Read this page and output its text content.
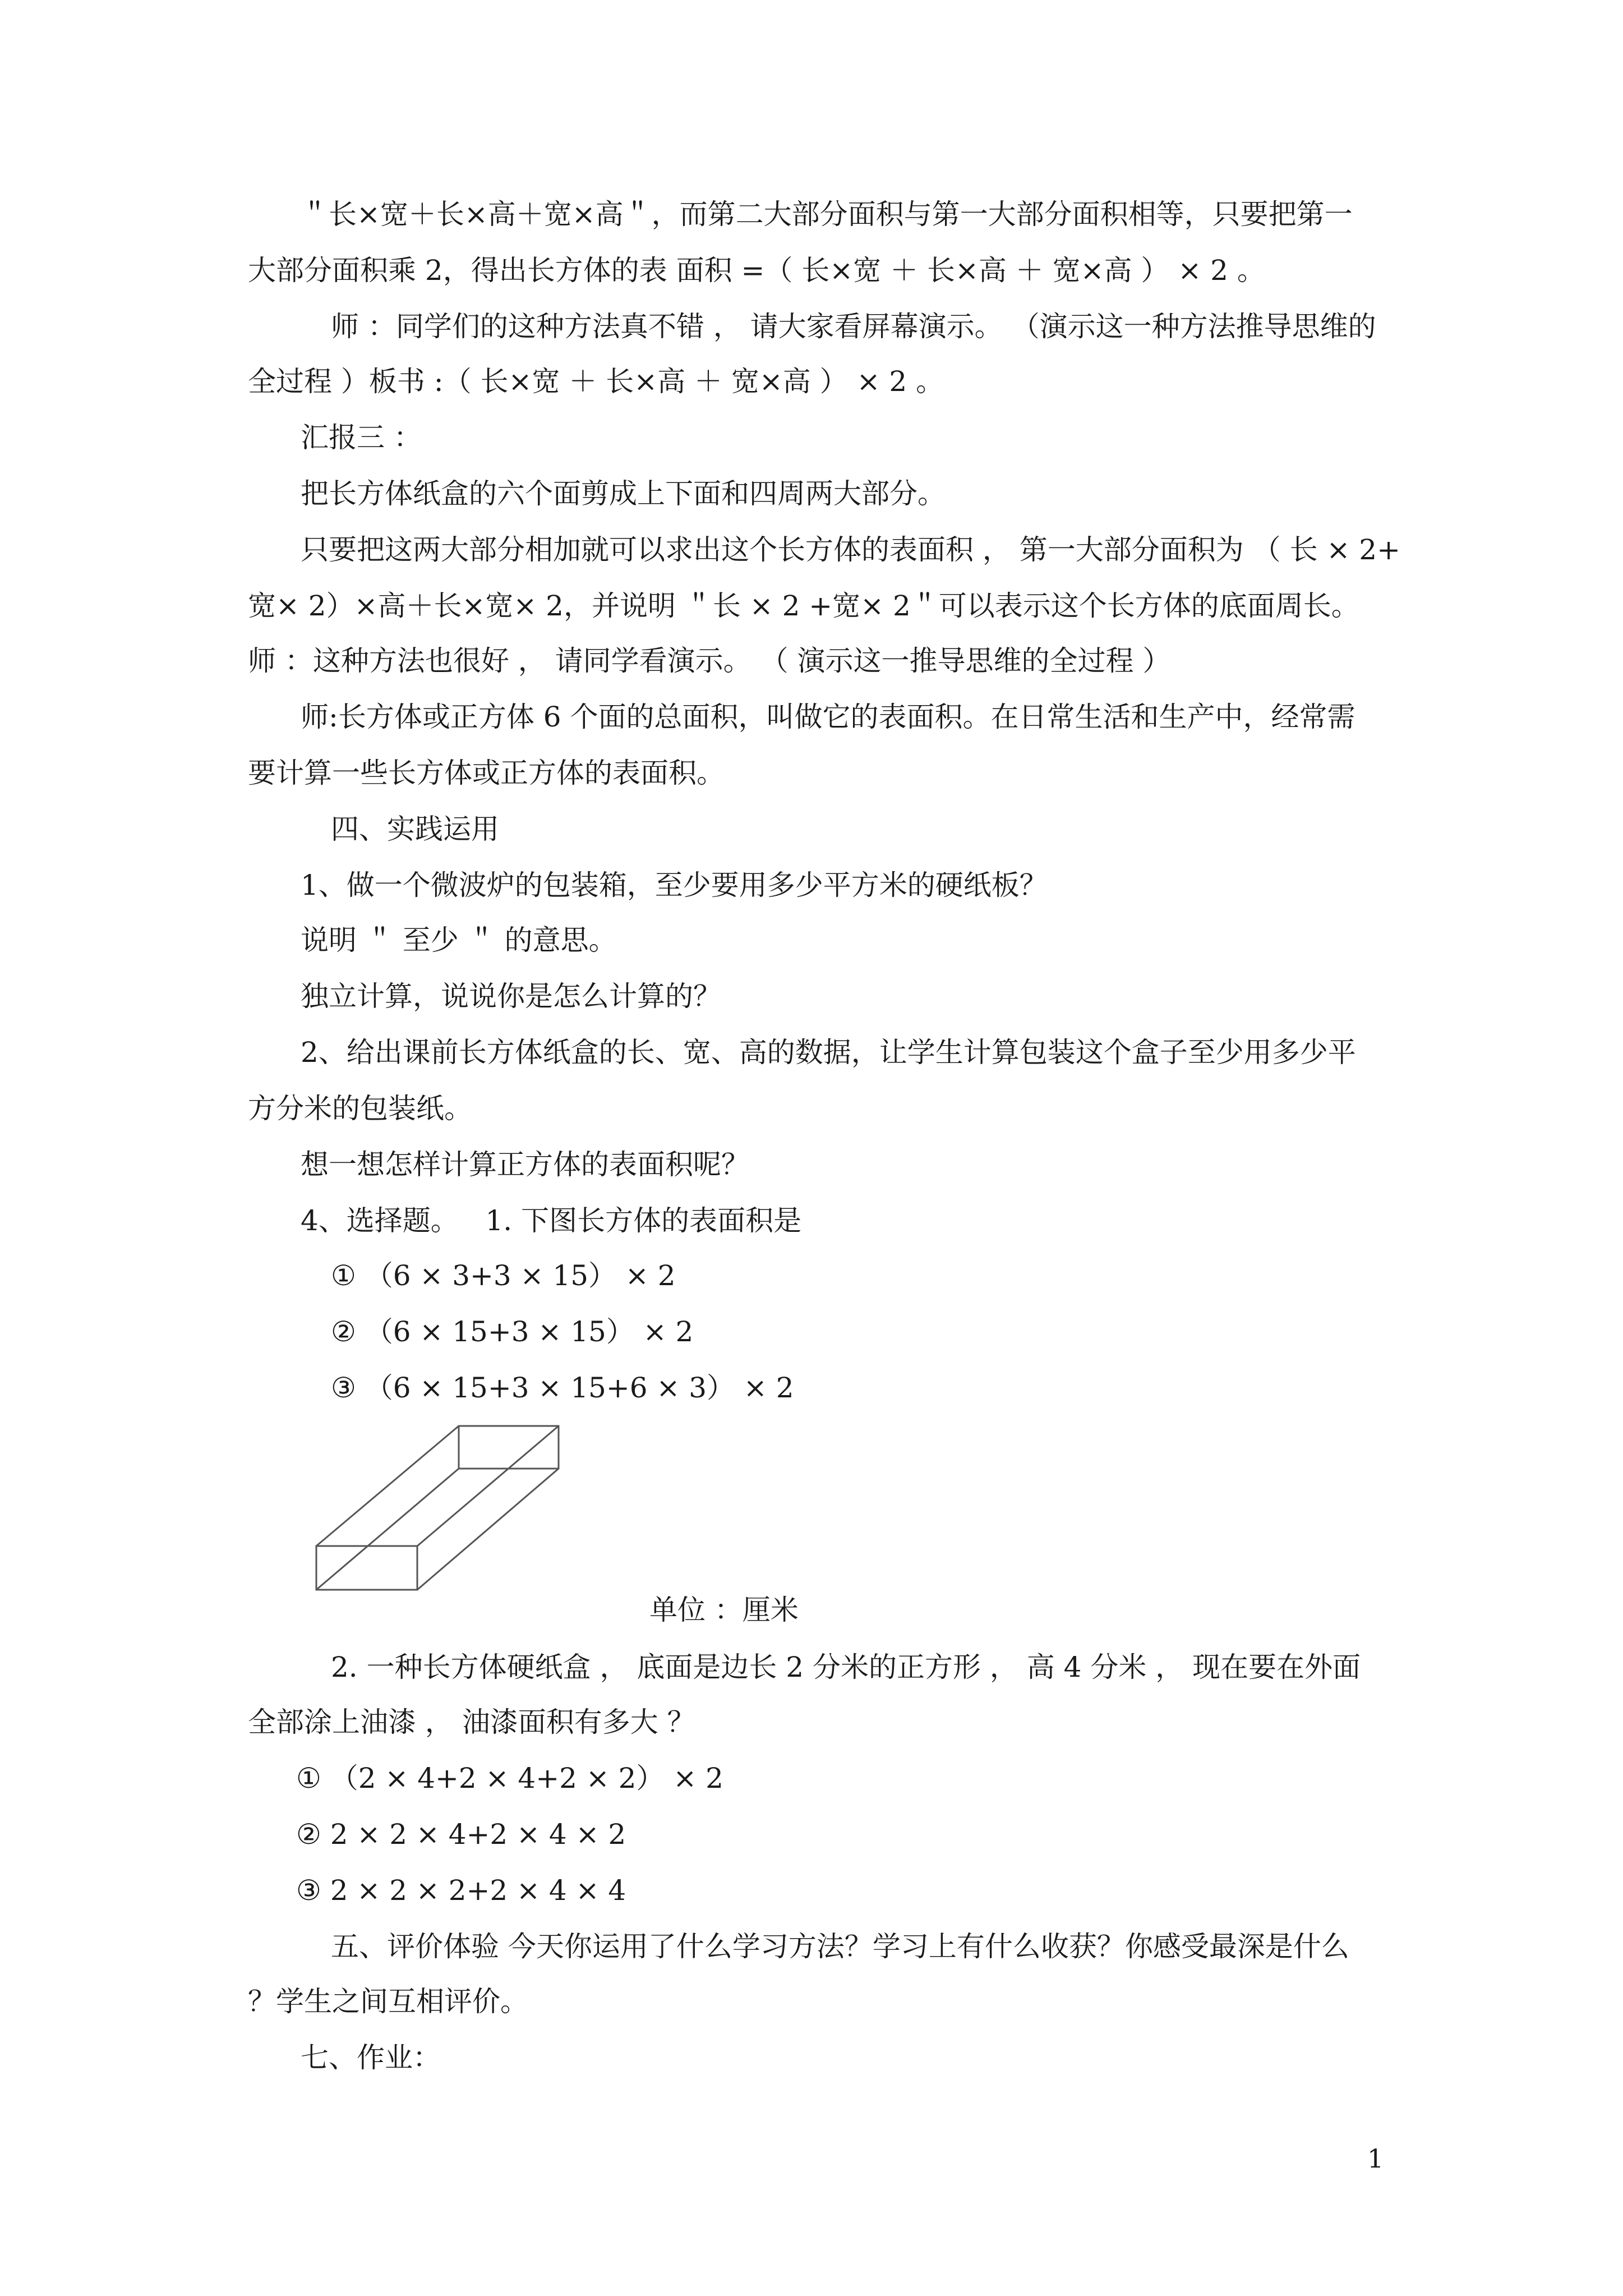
＂长×宽＋长×高＋宽×高＂，而第二大部分面积与第一大部分面积相等，只要把第一
大部分面积乘 2，得出长方体的表 面积 =（ 长×宽 ＋ 长×高 ＋ 宽×高 ） × 2 。
师 ：同学们的这种方法真不错 ， 请大家看屏幕演示。 （演示这一种方法推导思维的
全过程 ）板书 :（ 长×宽 ＋ 长×高 ＋ 宽×高 ） × 2 。
汇报三 ：
把长方体纸盒的六个面剪成上下面和四周两大部分。
只要把这两大部分相加就可以求出这个长方体的表面积 ， 第一大部分面积为 （ 长 × 2+
宽× 2）×高＋长×宽× 2，并说明 ＂长 × 2 +宽× 2＂可以表示这个长方体的底面周长。
师 ：这种方法也很好 ， 请同学看演示。 （ 演示这一推导思维的全过程 ）
师:长方体或正方体 6 个面的总面积，叫做它的表面积。在日常生活和生产中，经常需
要计算一些长方体或正方体的表面积。
四、实践运用
1、做一个微波炉的包装箱，至少要用多少平方米的硬纸板？
说明 ＂ 至少 ＂ 的意思。
独立计算，说说你是怎么计算的？
2、给出课前长方体纸盒的长、宽、高的数据，让学生计算包装这个盒子至少用多少平
方分米的包装纸。
想一想怎样计算正方体的表面积呢？
4、选择题。   1. 下图长方体的表面积是
① （6 × 3+3 × 15） × 2
② （6 × 15+3 × 15） × 2
③ （6 × 15+3 × 15+6 × 3） × 2
单位 ：厘米
2. 一种长方体硬纸盒 ， 底面是边长 2 分米的正方形 ， 高 4 分米 ， 现在要在外面
全部涂上油漆 ， 油漆面积有多大 ？
① （2 × 4+2 × 4+2 × 2） × 2
② 2 × 2 × 4+2 × 4 × 2
③ 2 × 2 × 2+2 × 4 × 4
五、评价体验 今天你运用了什么学习方法？学习上有什么收获？你感受最深是什么
？学生之间互相评价。
七、作业：
1
